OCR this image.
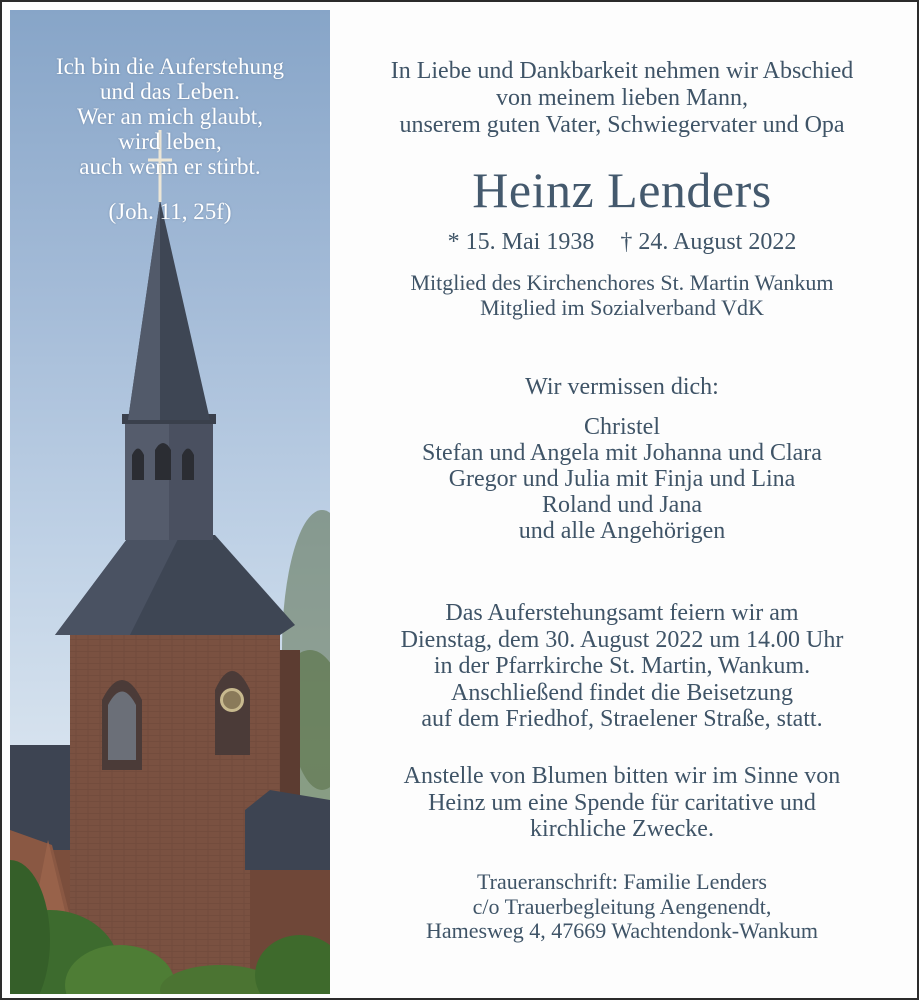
Ich bin die Auferstehung
und das Leben.
Wer an mich glaubt,
wird leben,
auch wenn er stirbt.
(Joh. 11, 25f)
In Liebe und Dankbarkeit nehmen wir Abschied
von meinem lieben Mann,
unserem guten Vater, Schwiegervater und Opa
Heinz Lenders
* 15. Mai 1938 † 24. August 2022
Mitglied des Kirchenchores St. Martin Wankum
Mitglied im Sozialverband VdK
Wir vermissen dich:
Christel
Stefan und Angela mit Johanna und Clara
Gregor und Julia mit Finja und Lina
Roland und Jana
und alle Angehörigen
Das Auferstehungsamt feiern wir am
Dienstag, dem 30. August 2022 um 14.00 Uhr
in der Pfarrkirche St. Martin, Wankum.
Anschließend findet die Beisetzung
auf dem Friedhof, Straelener Straße, statt.
Anstelle von Blumen bitten wir im Sinne von
Heinz um eine Spende für caritative und
kirchliche Zwecke.
Traueranschrift: Familie Lenders
c/o Trauerbegleitung Aengenendt,
Hamesweg 4, 47669 Wachtendonk-Wankum
